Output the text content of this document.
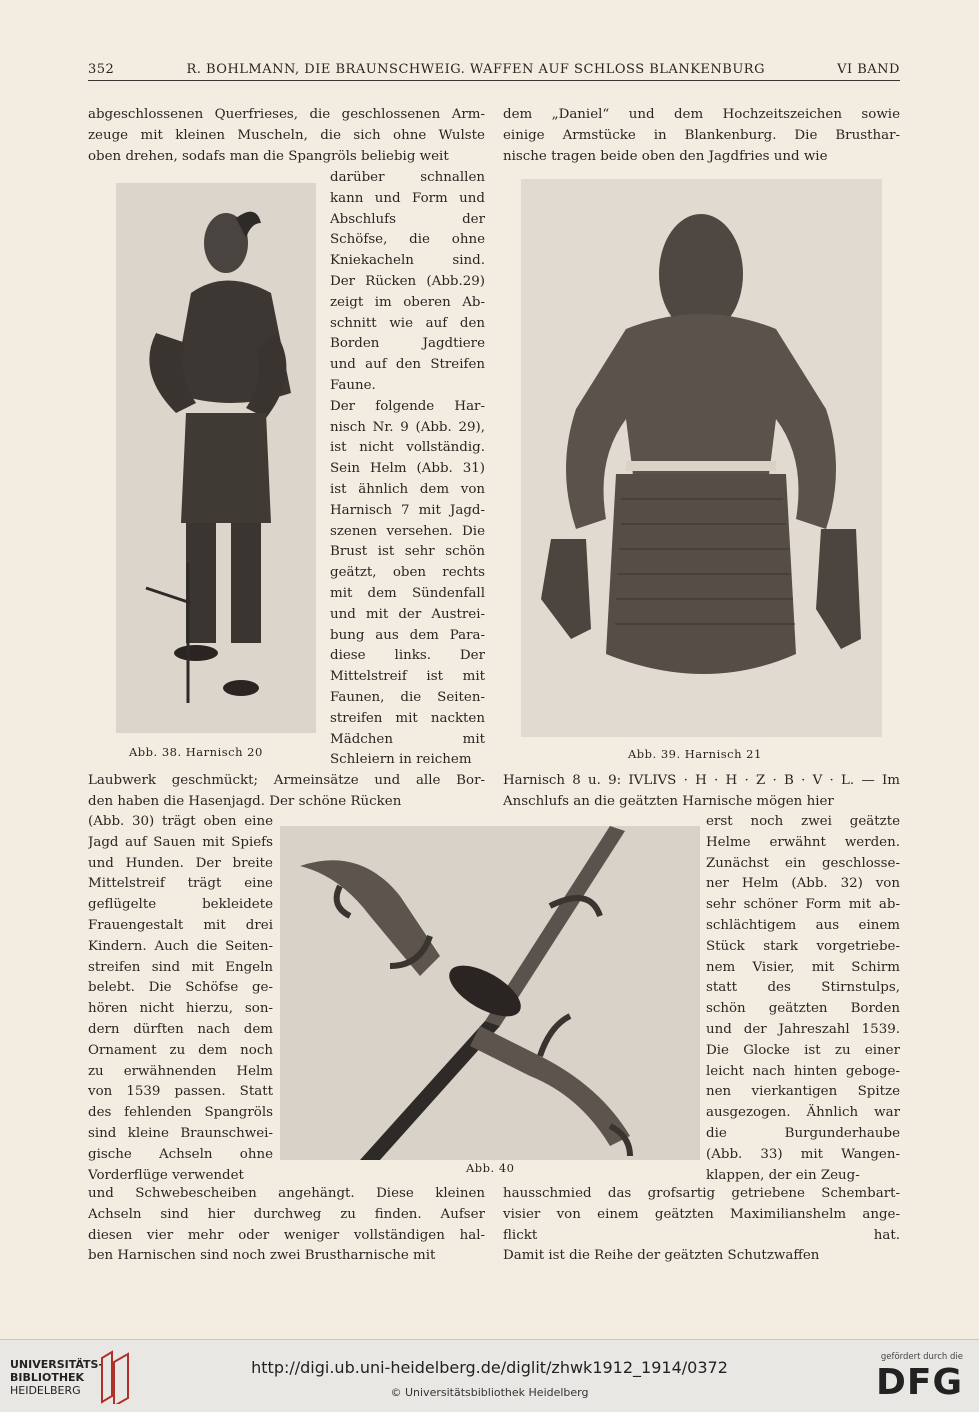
352	R. BOHLMANN, DIE BRAUNSCHWEIG. WAFFEN AUF SCHLOSS BLANKENBURG	VI BAND

abgeschlossenen Querfrieses, die geschlossenen Arm-

zeuge mit kleinen Muscheln, die sich ohne Wulste

oben drehen, sodafs man die Spangröls beliebig weit

Abb. 38. Harnisch 20

darüber schnallen

kann und Form und

Abschlufs der

Schöfse, die ohne

Kniekacheln sind.

Der Rücken (Abb.29)

zeigt im oberen Ab-

schnitt wie auf den

Borden Jagdtiere

und auf den Streifen

Faune.

Der folgende Har-

nisch Nr. 9 (Abb. 29),

ist nicht vollständig.

Sein Helm (Abb. 31)

ist ähnlich dem von

Harnisch 7 mit Jagd-

szenen versehen. Die

Brust ist sehr schön

geätzt, oben rechts

mit dem Sündenfall

und mit der Austrei-

bung aus dem Para-

diese links. Der

Mittelstreif ist mit

Faunen, die Seiten-

streifen mit nackten

Mädchen mit

Schleiern in reichem

Laubwerk geschmückt; Armeinsätze und alle Bor-

den haben die Hasenjagd. Der schöne Rücken

(Abb. 30) trägt oben eine

Jagd auf Sauen mit Spiefs

und Hunden. Der breite

Mittelstreif trägt eine

geflügelte bekleidete

Frauengestalt mit drei

Kindern. Auch die Seiten-

streifen sind mit Engeln

belebt. Die Schöfse ge-

hören nicht hierzu, son-

dern dürften nach dem

Ornament zu dem noch

zu erwähnenden Helm

von 1539 passen. Statt

des fehlenden Spangröls

sind kleine Braunschwei-

gische Achseln ohne

Vorderflüge verwendet	Abb. 40

und Schwebescheiben angehängt. Diese kleinen

Achseln sind hier durchweg zu finden. Aufser

diesen vier mehr oder weniger vollständigen hal-

ben Harnischen sind noch zwei Brustharnische mit

dem „Daniel“ und dem Hochzeitszeichen sowie

einige Armstücke in Blankenburg. Die Brusthar-

nische tragen beide oben den Jagdfries und wie

Abb. 39. Harnisch 21

Harnisch 8 u. 9: IVLIVS · H · H · Z · B · V · L. — Im

Anschlufs an die geätzten Harnische mögen hier

erst noch zwei geätzte

Helme erwähnt werden.

Zunächst ein geschlosse-

ner Helm (Abb. 32) von

sehr schöner Form mit ab-

schlächtigem aus einem

Stück stark vorgetriebe-

nem Visier, mit Schirm

statt des Stirnstulps,

schön geätzten Borden

und der Jahreszahl 1539.

Die Glocke ist zu einer

leicht nach hinten geboge-

nen vierkantigen Spitze

ausgezogen. Ähnlich war

die Burgunderhaube

(Abb. 33) mit Wangen-

klappen, der ein Zeug-

hausschmied das grofsartig getriebene Schembart-

visier von einem geätzten Maximilianshelm ange-

flickt hat.

Damit ist die Reihe der geätzten Schutzwaffen

UNIVERSITÄTS-
BIBLIOTHEK
HEIDELBERG
http://digi.ub.uni-heidelberg.de/diglit/zhwk1912_1914/0372
© Universitätsbibliothek Heidelberg
gefördert durch die
DFG
